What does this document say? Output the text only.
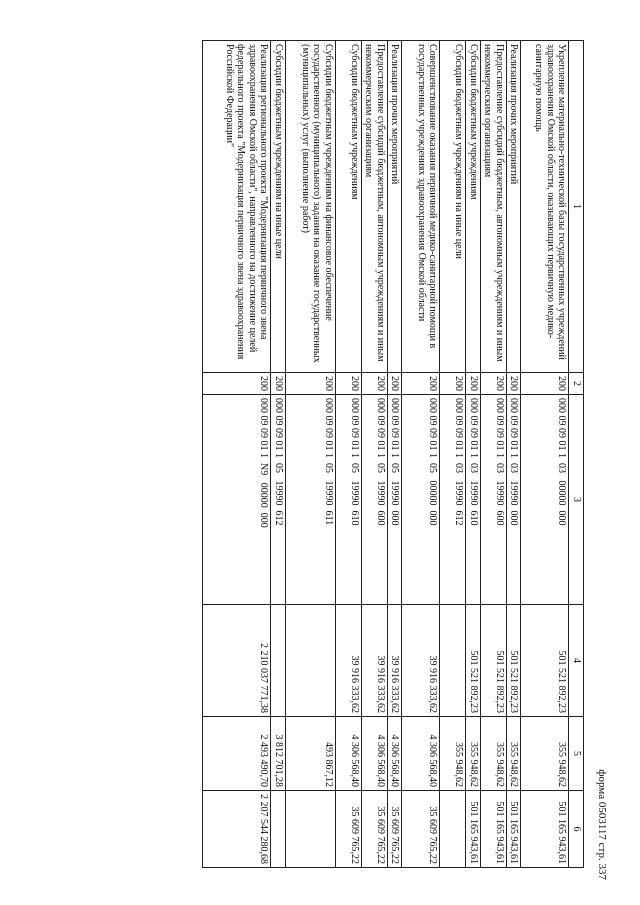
форма 0503117 стр. 337
1	2	3	4	5	6
Укрепление материально-технической базы государственных учреждений здравоохранения Омской области, оказывающих первичную медико-санитарную помощь	200	000 09 09 01 1  03   00000  000	501 521 892,23	355 948,62	501 165 943,61
Реализация прочих мероприятий	200	000 09 09 01 1  03   19990  000	501 521 892,23	355 948,62	501 165 943,61
Предоставление субсидий бюджетным, автономным учреждениям и иным некоммерческим организациям	200	000 09 09 01 1  03   19990  600	501 521 892,23	355 948,62	501 165 943,61
Субсидии бюджетным учреждениям	200	000 09 09 01 1  03   19990  610	501 521 892,23	355 948,62	501 165 943,61
Субсидии бюджетным учреждениям на иные цели	200	000 09 09 01 1  03   19990  612		355 948,62	
Совершенствование оказания первичной медико-санитарной помощи в государственных учреждениях здравоохранения Омской области	200	000 09 09 01 1  05   00000  000	39 916 333,62	4 306 568,40	35 609 765,22
Реализация прочих мероприятий	200	000 09 09 01 1  05   19990  000	39 916 333,62	4 306 568,40	35 609 765,22
Предоставление субсидий бюджетным, автономным учреждениям и иным некоммерческим организациям	200	000 09 09 01 1  05   19990  600	39 916 333,62	4 306 568,40	35 609 765,22
Субсидии бюджетным учреждениям	200	000 09 09 01 1  05   19990  610	39 916 333,62	4 306 568,40	35 609 765,22
Субсидии бюджетным учреждениям на финансовое обеспечение государственного (муниципального) задания на оказание государственных (муниципальных) услуг (выполнение работ)	200	000 09 09 01 1  05   19990  611		493 867,12	
Субсидии бюджетным учреждениям на иные цели	200	000 09 09 01 1  05   19990  612		3 812 701,28	
Реализация регионального проекта "Модернизация первичного звена здравоохранения Омской области", направленного на достижение целей федерального проекта "Модернизация первичного звена здравоохранения Российской Федерации"	200	000 09 09 01 1  N9   00000  000	2 210 037 771,38	2 493 490,70	2 207 544 280,68
